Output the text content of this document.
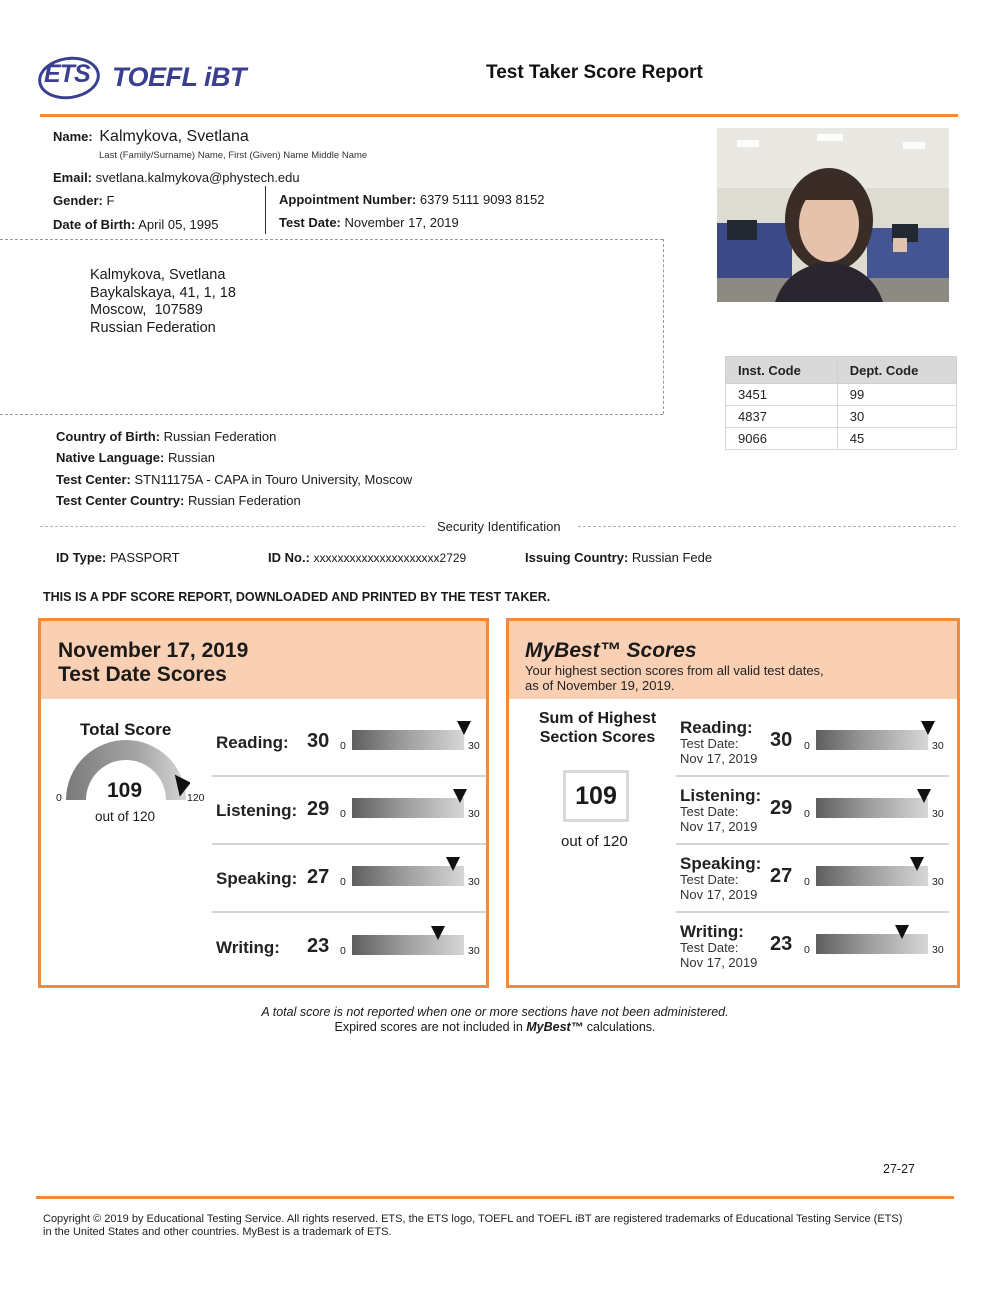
ETS TOEFL iBT	Test Taker Score Report
Name: Kalmykova, Svetlana
Last (Family/Surname) Name, First (Given) Name Middle Name
Email: svetlana.kalmykova@phystech.edu
Gender: F
Date of Birth: April 05, 1995
Appointment Number: 6379 5111 9093 8152
Test Date: November 17, 2019
Kalmykova, Svetlana
Baykalskaya, 41, 1, 18
Moscow,  107589
Russian Federation
Inst. Code	Dept. Code
3451	99
4837	30
9066	45
Country of Birth: Russian Federation
Native Language: Russian
Test Center: STN11175A - CAPA in Touro University, Moscow
Test Center Country: Russian Federation
Security Identification
ID Type: PASSPORT	ID No.: xxxxxxxxxxxxxxxxxxxxx2729	Issuing Country: Russian Fede
THIS IS A PDF SCORE REPORT, DOWNLOADED AND PRINTED BY THE TEST TAKER.
November 17, 2019
Test Date Scores
Total Score
0	120
109
out of 120
Reading: 30 0	30
Listening: 29 0	30
Speaking: 27 0	30
Writing: 23 0	30
MyBest™ Scores
Your highest section scores from all valid test dates,
as of November 19, 2019.
Sum of Highest
Section Scores
109
out of 120
Reading:
Test Date:
Nov 17, 2019
30 0	30
Listening:
Test Date:
Nov 17, 2019
29 0	30
Speaking:
Test Date:
Nov 17, 2019
27 0	30
Writing:
Test Date:
Nov 17, 2019
23 0	30
A total score is not reported when one or more sections have not been administered.
Expired scores are not included in MyBest™ calculations.
27-27
Copyright © 2019 by Educational Testing Service. All rights reserved. ETS, the ETS logo, TOEFL and TOEFL iBT are registered trademarks of Educational Testing Service (ETS)
in the United States and other countries. MyBest is a trademark of ETS.
